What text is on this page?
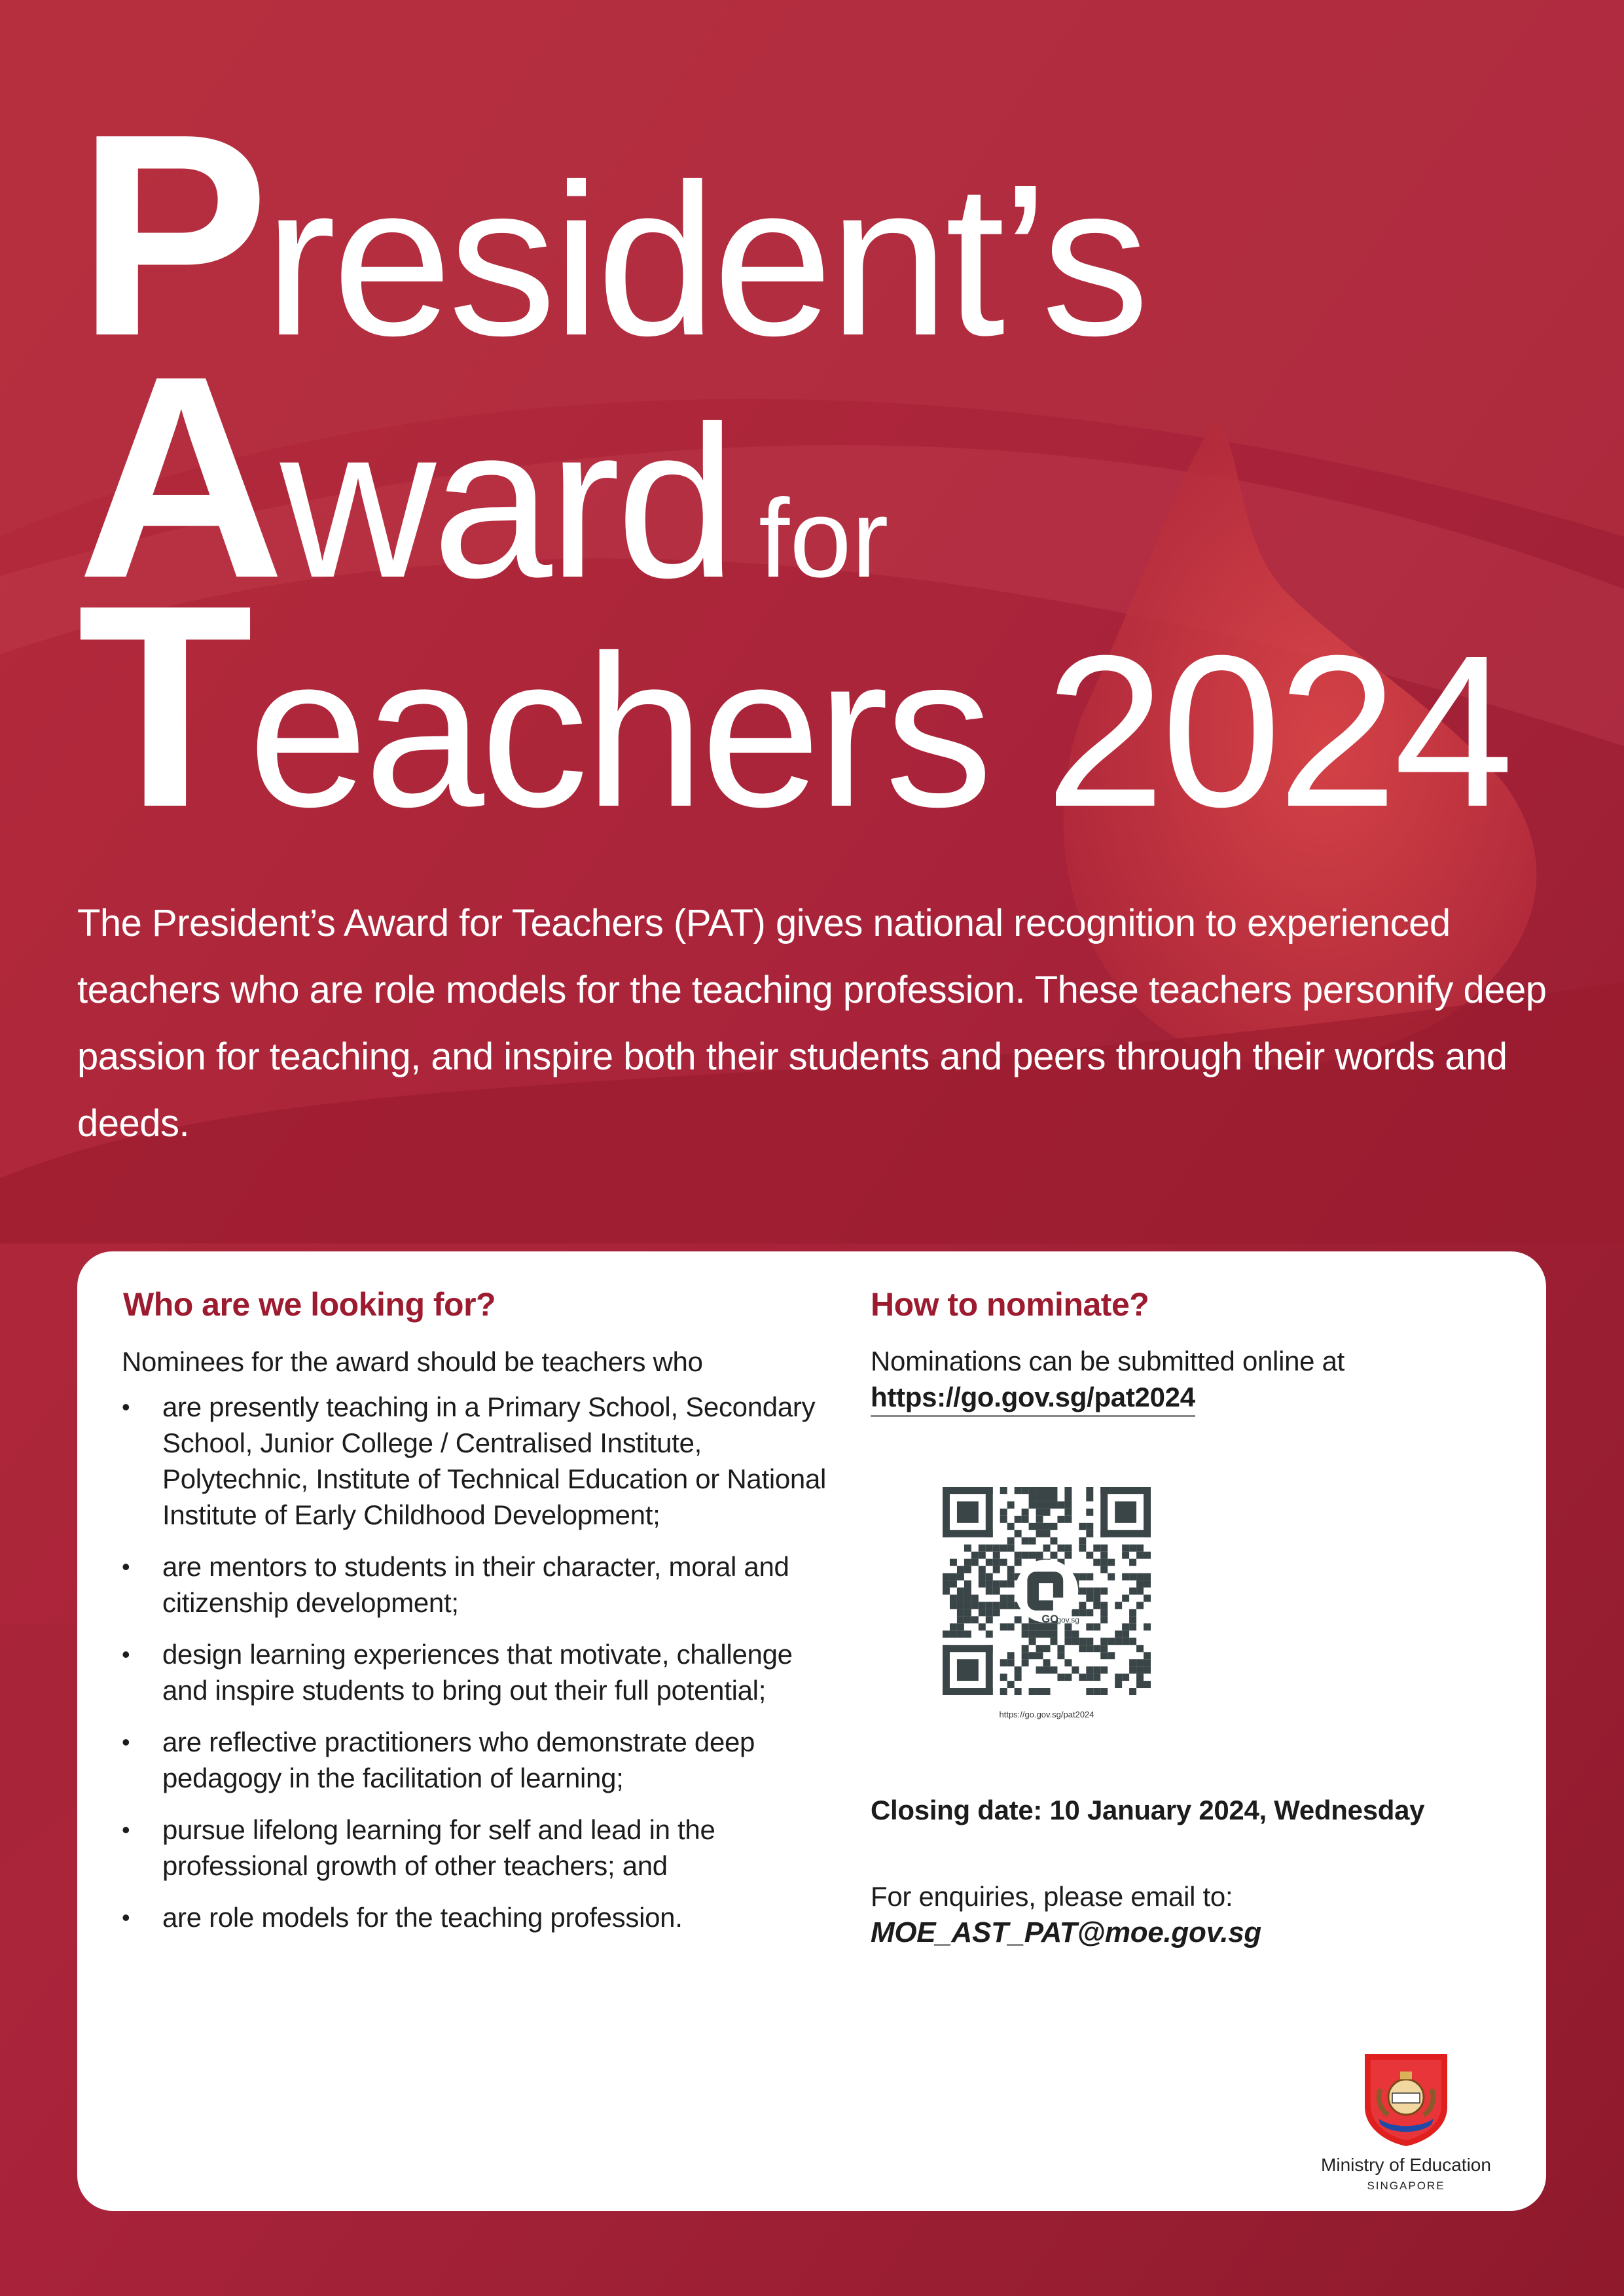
President’s
Award for
Teachers 2024

The President’s Award for Teachers (PAT) gives national recognition to experienced teachers who are role models for the teaching profession. These teachers personify deep passion for teaching, and inspire both their students and peers through their words and deeds.

Who are we looking for?

Nominees for the award should be teachers who

• are presently teaching in a Primary School, Secondary School, Junior College / Centralised Institute, Polytechnic, Institute of Technical Education or National Institute of Early Childhood Development;
• are mentors to students in their character, moral and citizenship development;
• design learning experiences that motivate, challenge and inspire students to bring out their full potential;
• are reflective practitioners who demonstrate deep pedagogy in the facilitation of learning;
• pursue lifelong learning for self and lead in the professional growth of other teachers; and
• are role models for the teaching profession.
How to nominate?

Nominations can be submitted online at https://go.gov.sg/pat2024

GO
gov.sg

https://go.gov.sg/pat2024

Closing date: 10 January 2024, Wednesday

For enquiries, please email to:
MOE_AST_PAT@moe.gov.sg

Ministry of Education

SINGAPORE
